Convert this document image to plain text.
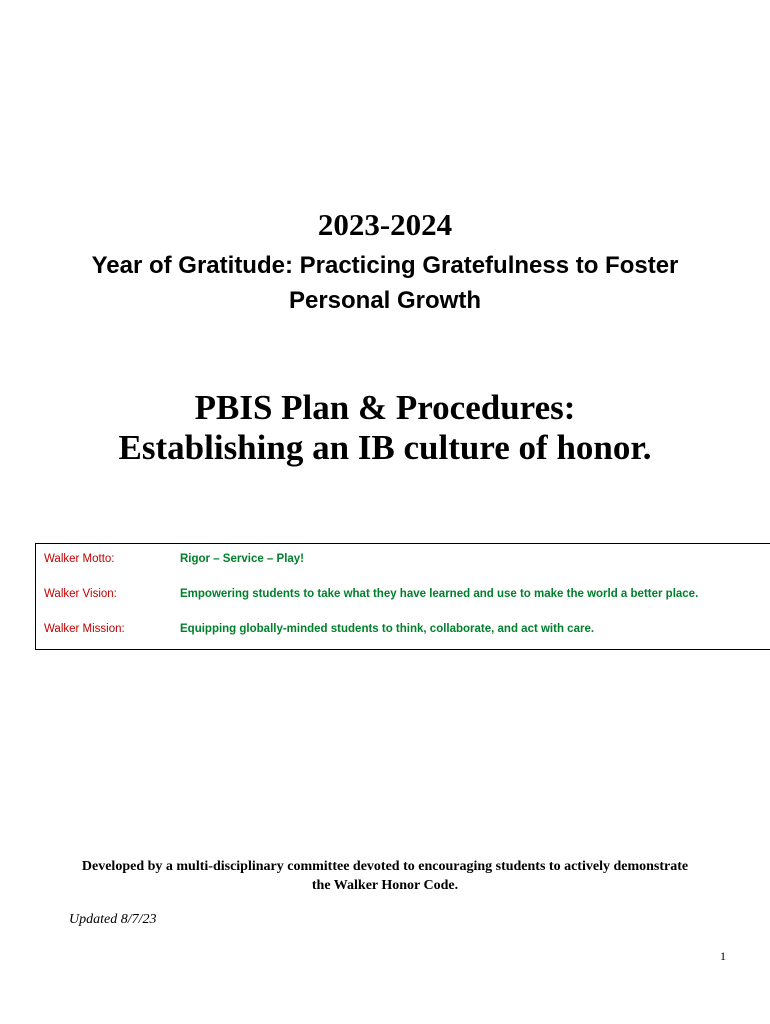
2023-2024
Year of Gratitude: Practicing Gratefulness to Foster Personal Growth
PBIS Plan & Procedures:
Establishing an IB culture of honor.
Walker Motto:	Rigor – Service – Play!
Walker Vision:	Empowering students to take what they have learned and use to make the world a better place.
Walker Mission:	Equipping globally-minded students to think, collaborate, and act with care.
Developed by a multi-disciplinary committee devoted to encouraging students to actively demonstrate
the Walker Honor Code.
Updated 8/7/23
1
